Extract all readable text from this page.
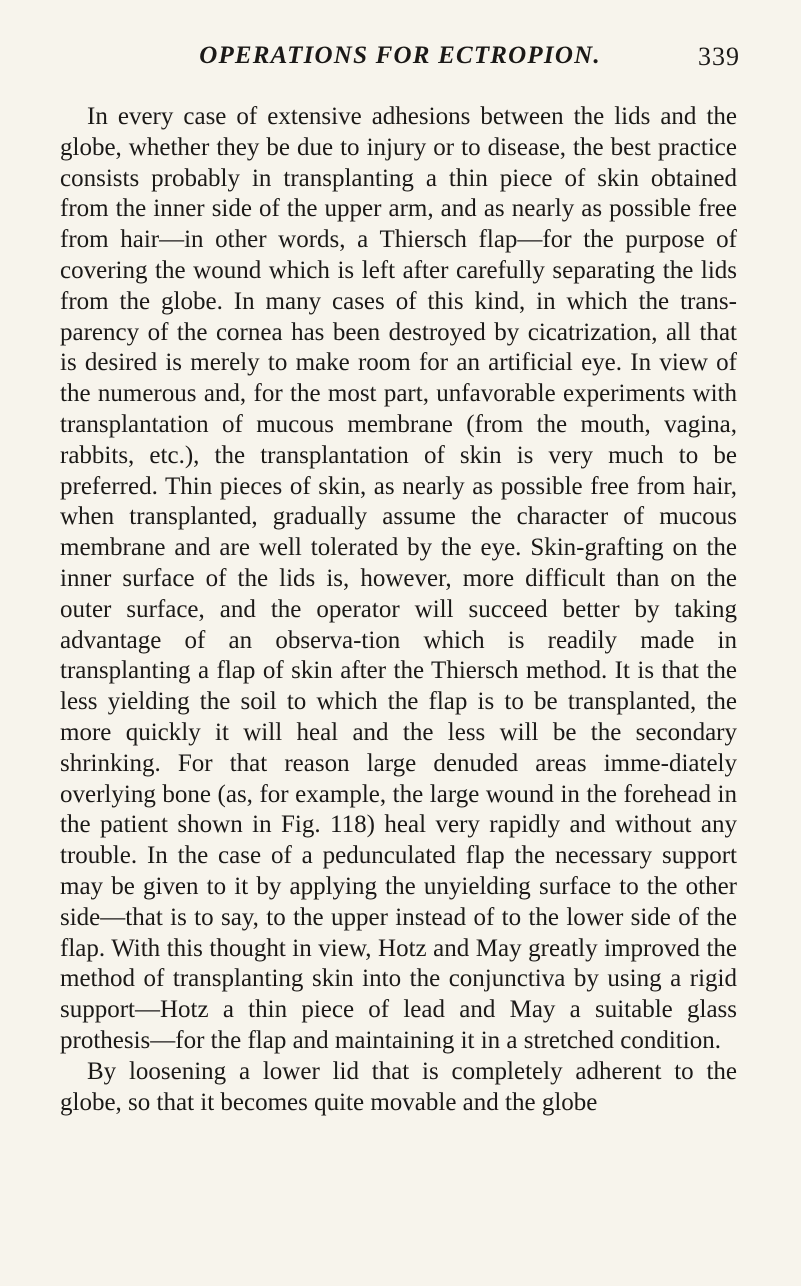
OPERATIONS FOR ECTROPION.	339

In every case of extensive adhesions between the lids and the globe, whether they be due to injury or to disease, the best practice consists probably in transplanting a thin piece of skin obtained from the inner side of the upper arm, and as nearly as possible free from hair—in other words, a Thiersch flap—for the purpose of covering the wound which is left after carefully separating the lids from the globe. In many cases of this kind, in which the trans-parency of the cornea has been destroyed by cicatrization, all that is desired is merely to make room for an artificial eye. In view of the numerous and, for the most part, unfavorable experiments with transplantation of mucous membrane (from the mouth, vagina, rabbits, etc.), the transplantation of skin is very much to be preferred. Thin pieces of skin, as nearly as possible free from hair, when transplanted, gradually assume the character of mucous membrane and are well tolerated by the eye. Skin-grafting on the inner surface of the lids is, however, more difficult than on the outer surface, and the operator will succeed better by taking advantage of an observa-tion which is readily made in transplanting a flap of skin after the Thiersch method. It is that the less yielding the soil to which the flap is to be transplanted, the more quickly it will heal and the less will be the secondary shrinking. For that reason large denuded areas imme-diately overlying bone (as, for example, the large wound in the forehead in the patient shown in Fig. 118) heal very rapidly and without any trouble. In the case of a pedunculated flap the necessary support may be given to it by applying the unyielding surface to the other side—that is to say, to the upper instead of to the lower side of the flap. With this thought in view, Hotz and May greatly improved the method of transplanting skin into the conjunctiva by using a rigid support—Hotz a thin piece of lead and May a suitable glass prothesis—for the flap and maintaining it in a stretched condition.

By loosening a lower lid that is completely adherent to the globe, so that it becomes quite movable and the globe
